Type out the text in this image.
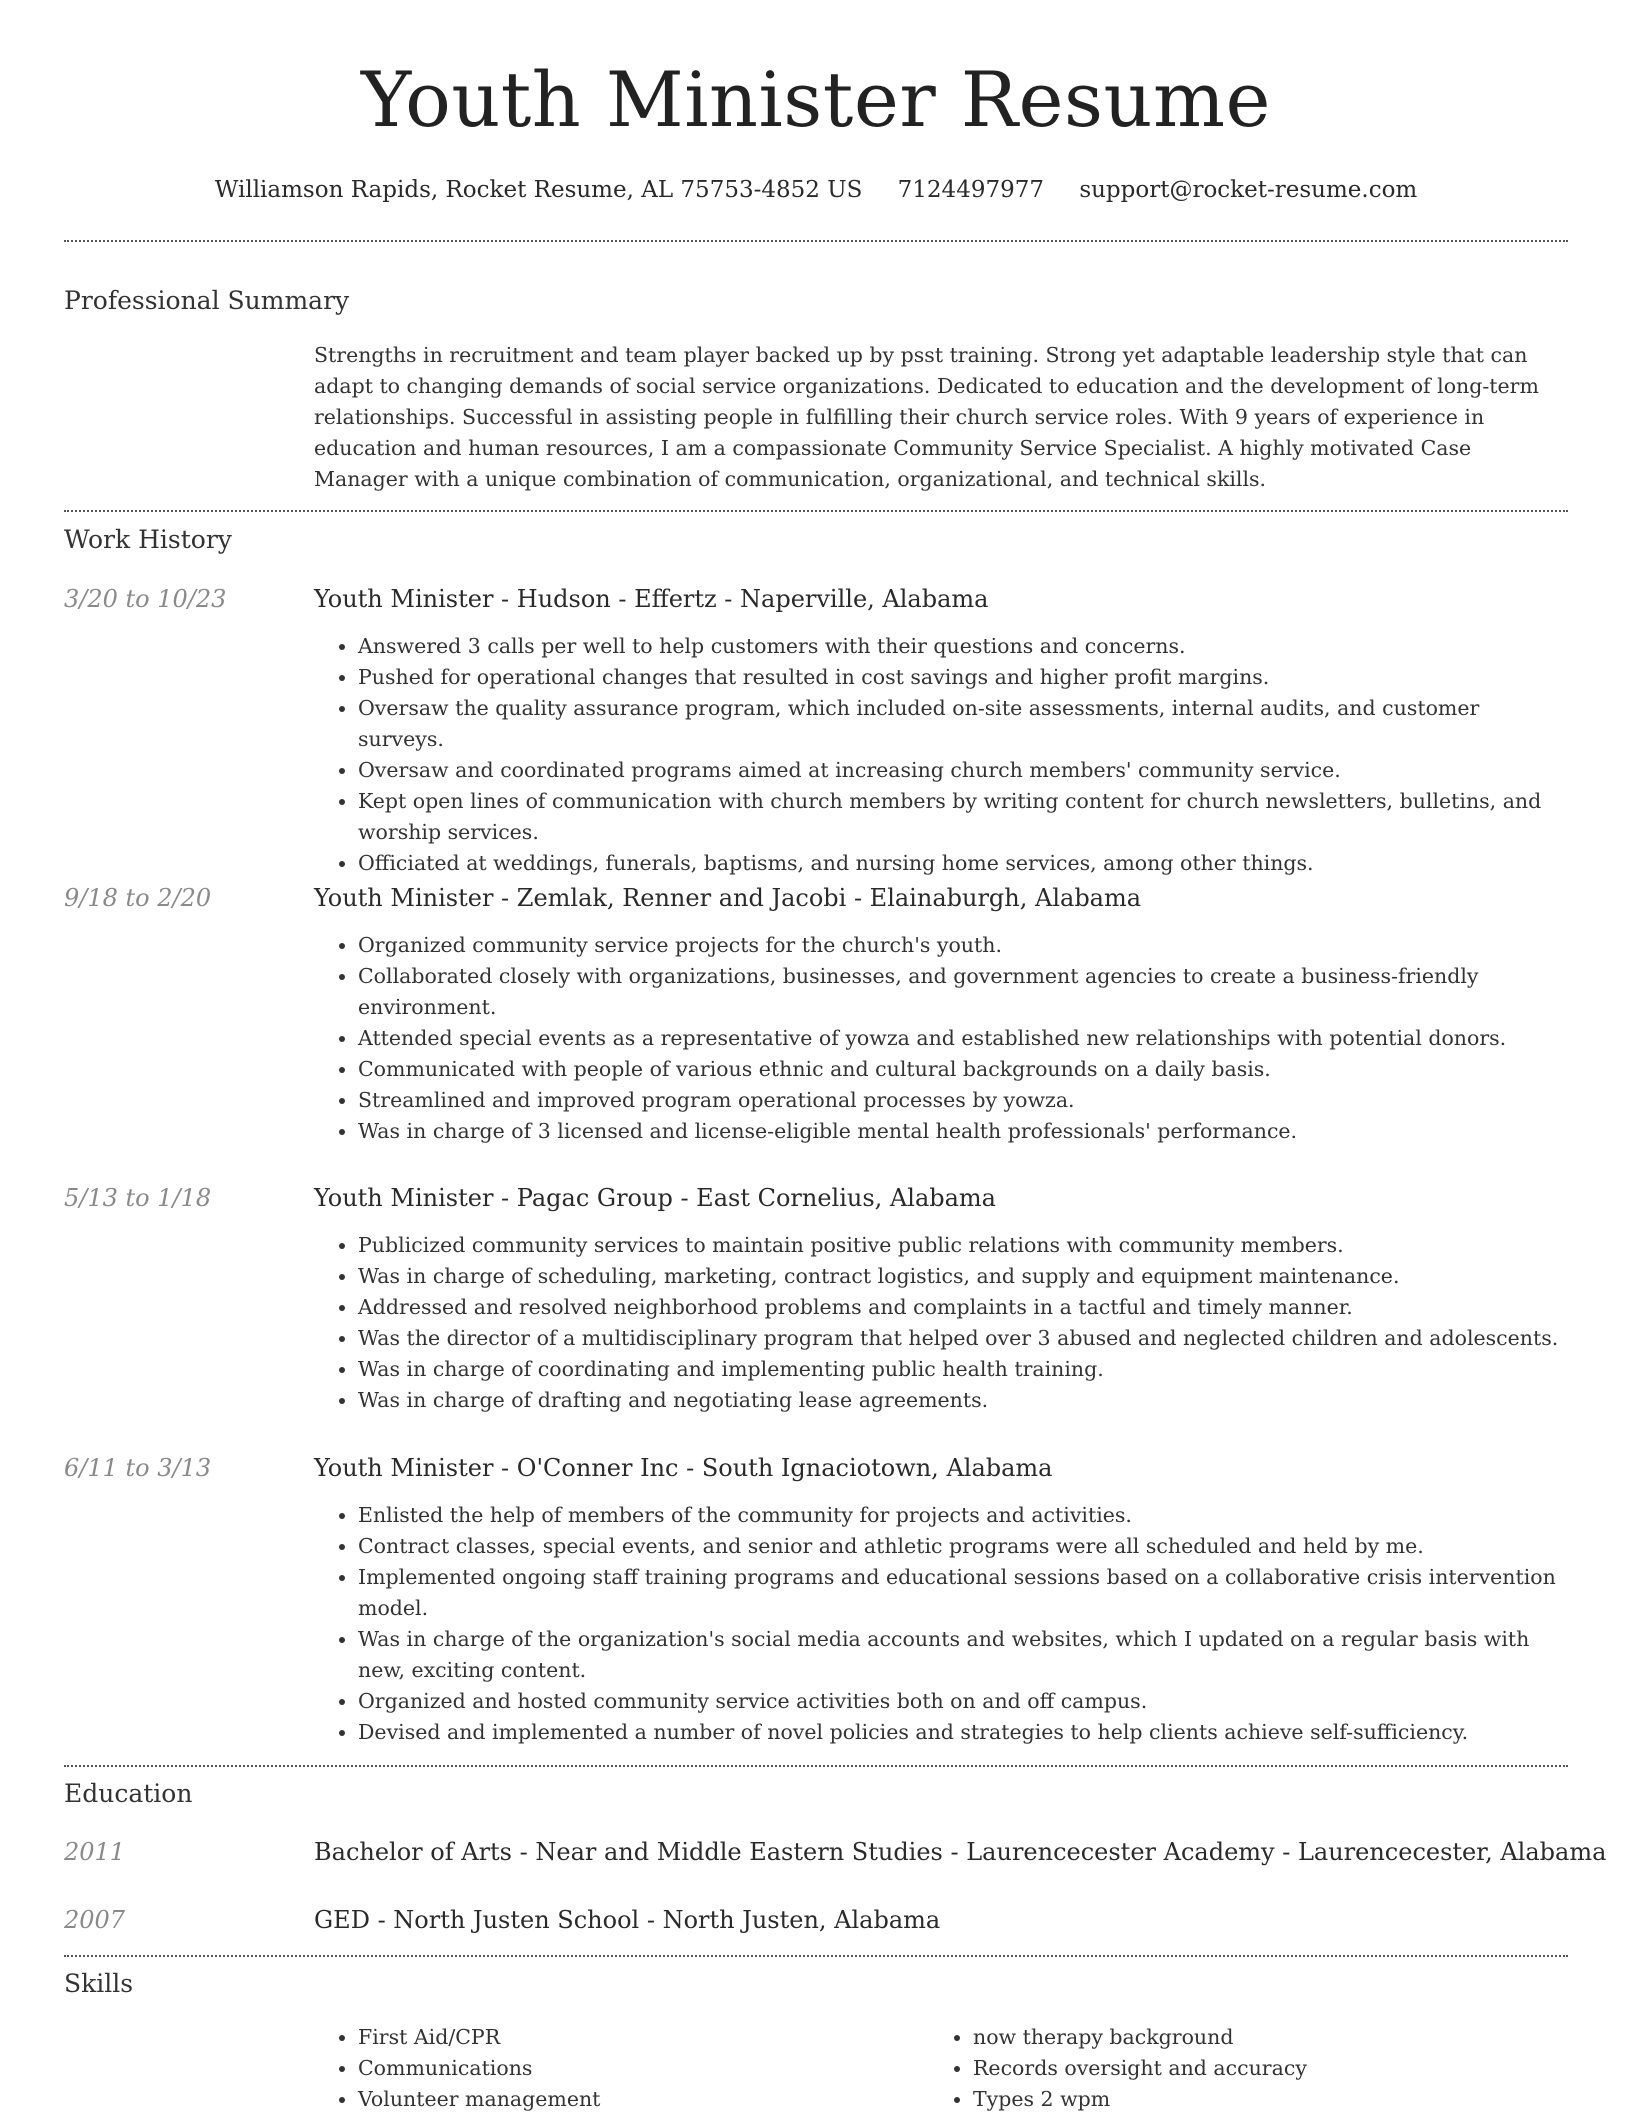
Youth Minister Resume
Williamson Rapids, Rocket Resume, AL 75753-4852 US 7124497977 support@rocket-resume.com
Professional Summary

Strengths in recruitment and team player backed up by psst training. Strong yet adaptable leadership style that can adapt to changing demands of social service organizations. Dedicated to education and the development of long-term relationships. Successful in assisting people in fulfilling their church service roles. With 9 years of experience in education and human resources, I am a compassionate Community Service Specialist. A highly motivated Case Manager with a unique combination of communication, organizational, and technical skills.

Work History
3/20 to 10/23	Youth Minister - Hudson - Effertz - Naperville, Alabama
• Answered 3 calls per well to help customers with their questions and concerns.
• Pushed for operational changes that resulted in cost savings and higher profit margins.
• Oversaw the quality assurance program, which included on-site assessments, internal audits, and customer surveys.
• Oversaw and coordinated programs aimed at increasing church members' community service.
• Kept open lines of communication with church members by writing content for church newsletters, bulletins, and worship services.
• Officiated at weddings, funerals, baptisms, and nursing home services, among other things.
9/18 to 2/20	Youth Minister - Zemlak, Renner and Jacobi - Elainaburgh, Alabama
• Organized community service projects for the church's youth.
• Collaborated closely with organizations, businesses, and government agencies to create a business-friendly environment.
• Attended special events as a representative of yowza and established new relationships with potential donors.
• Communicated with people of various ethnic and cultural backgrounds on a daily basis.
• Streamlined and improved program operational processes by yowza.
• Was in charge of 3 licensed and license-eligible mental health professionals' performance.
5/13 to 1/18	Youth Minister - Pagac Group - East Cornelius, Alabama
• Publicized community services to maintain positive public relations with community members.
• Was in charge of scheduling, marketing, contract logistics, and supply and equipment maintenance.
• Addressed and resolved neighborhood problems and complaints in a tactful and timely manner.
• Was the director of a multidisciplinary program that helped over 3 abused and neglected children and adolescents.
• Was in charge of coordinating and implementing public health training.
• Was in charge of drafting and negotiating lease agreements.
6/11 to 3/13	Youth Minister - O'Conner Inc - South Ignaciotown, Alabama
• Enlisted the help of members of the community for projects and activities.
• Contract classes, special events, and senior and athletic programs were all scheduled and held by me.
• Implemented ongoing staff training programs and educational sessions based on a collaborative crisis intervention model.
• Was in charge of the organization's social media accounts and websites, which I updated on a regular basis with new, exciting content.
• Organized and hosted community service activities both on and off campus.
• Devised and implemented a number of novel policies and strategies to help clients achieve self-sufficiency.
Education
2011	Bachelor of Arts - Near and Middle Eastern Studies - Laurencecester Academy - Laurencecester, Alabama
2007	GED - North Justen School - North Justen, Alabama
Skills
• First Aid/CPR
• Communications
• Volunteer management
• now therapy background
• Records oversight and accuracy
• Types 2 wpm
